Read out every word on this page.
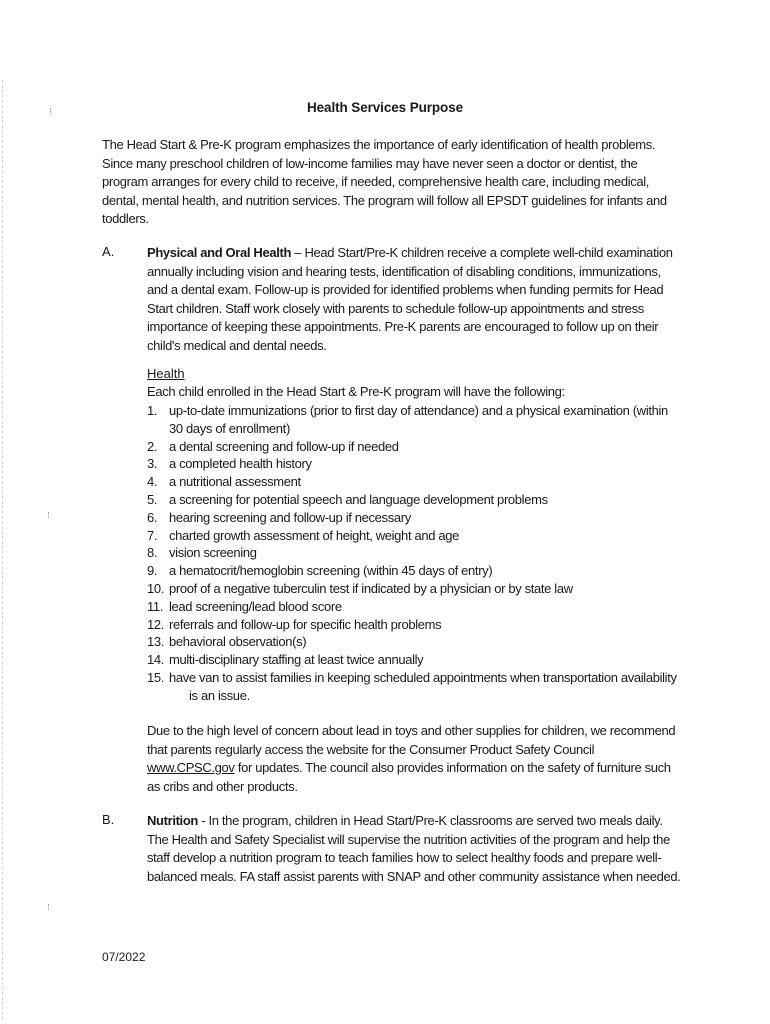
Health Services Purpose

The Head Start & Pre-K program emphasizes the importance of early identification of health problems. Since many preschool children of low-income families may have never seen a doctor or dentist, the program arranges for every child to receive, if needed, comprehensive health care, including medical, dental, mental health, and nutrition services. The program will follow all EPSDT guidelines for infants and toddlers.

A.	Physical and Oral Health – Head Start/Pre-K children receive a complete well-child examination annually including vision and hearing tests, identification of disabling conditions, immunizations, and a dental exam. Follow-up is provided for identified problems when funding permits for Head Start children. Staff work closely with parents to schedule follow-up appointments and stress importance of keeping these appointments. Pre-K parents are encouraged to follow up on their child's medical and dental needs.

Health
Each child enrolled in the Head Start & Pre-K program will have the following:
1. up-to-date immunizations (prior to first day of attendance) and a physical examination (within
30 days of enrollment)
2. a dental screening and follow-up if needed
3. a completed health history
4. a nutritional assessment
5. a screening for potential speech and language development problems
6. hearing screening and follow-up if necessary
7. charted growth assessment of height, weight and age
8. vision screening
9. a hematocrit/hemoglobin screening (within 45 days of entry)
10. proof of a negative tuberculin test if indicated by a physician or by state law
11. lead screening/lead blood score
12. referrals and follow-up for specific health problems
13. behavioral observation(s)
14. multi-disciplinary staffing at least twice annually
15. have van to assist families in keeping scheduled appointments when transportation availability
is an issue.

Due to the high level of concern about lead in toys and other supplies for children, we recommend that parents regularly access the website for the Consumer Product Safety Council www.CPSC.gov for updates. The council also provides information on the safety of furniture such as cribs and other products.

B.	Nutrition - In the program, children in Head Start/Pre-K classrooms are served two meals daily. The Health and Safety Specialist will supervise the nutrition activities of the program and help the staff develop a nutrition program to teach families how to select healthy foods and prepare well-balanced meals. FA staff assist parents with SNAP and other community assistance when needed.

07/2022
